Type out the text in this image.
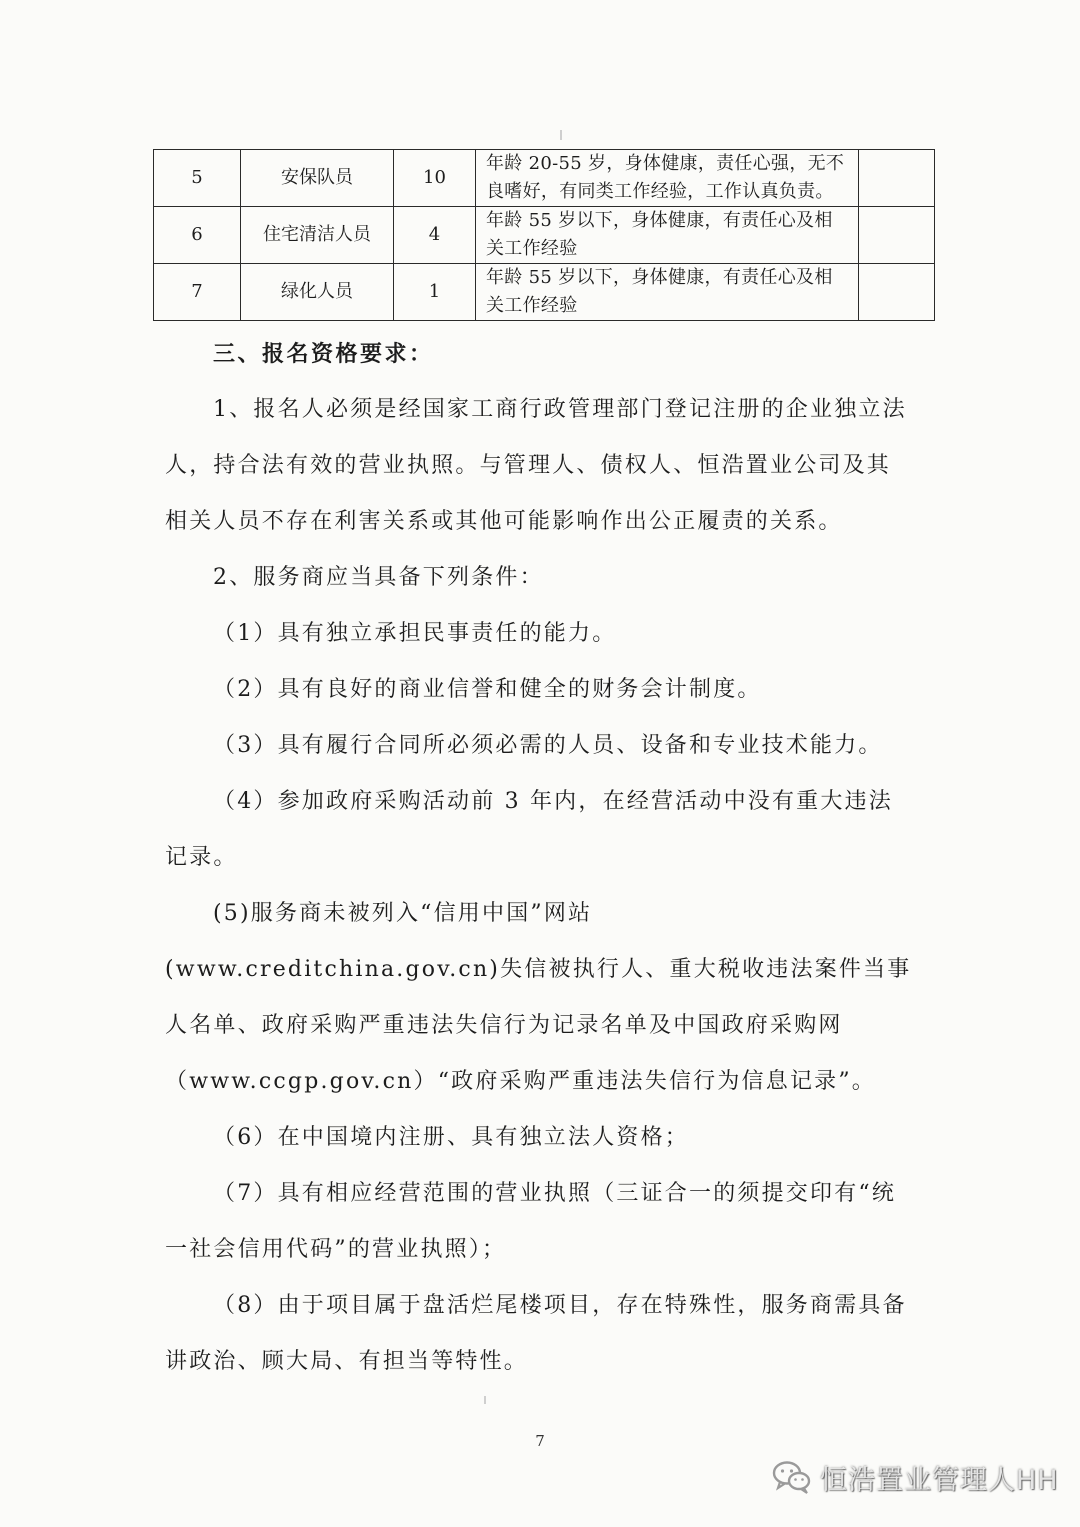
5	安保队员	10	年龄 20-55 岁，身体健康，责任心强，无不良嗜好，有同类工作经验，工作认真负责。	
6	住宅清洁人员	4	年龄 55 岁以下，身体健康，有责任心及相关工作经验	
7	绿化人员	1	年龄 55 岁以下，身体健康，有责任心及相关工作经验	
三、报名资格要求：

1、报名人必须是经国家工商行政管理部门登记注册的企业独立法人，持合法有效的营业执照。与管理人、债权人、恒浩置业公司及其相关人员不存在利害关系或其他可能影响作出公正履责的关系。

2、服务商应当具备下列条件：

（1）具有独立承担民事责任的能力。

（2）具有良好的商业信誉和健全的财务会计制度。

（3）具有履行合同所必须必需的人员、设备和专业技术能力。

（4）参加政府采购活动前 3 年内，在经营活动中没有重大违法记录。

(5)服务商未被列入“信用中国”网站(www.creditchina.gov.cn)失信被执行人、重大税收违法案件当事人名单、政府采购严重违法失信行为记录名单及中国政府采购网（www.ccgp.gov.cn）“政府采购严重违法失信行为信息记录”。

（6）在中国境内注册、具有独立法人资格；

（7）具有相应经营范围的营业执照（三证合一的须提交印有“统一社会信用代码”的营业执照）；

（8）由于项目属于盘活烂尾楼项目，存在特殊性，服务商需具备讲政治、顾大局、有担当等特性。

7
恒浩置业管理人HH
